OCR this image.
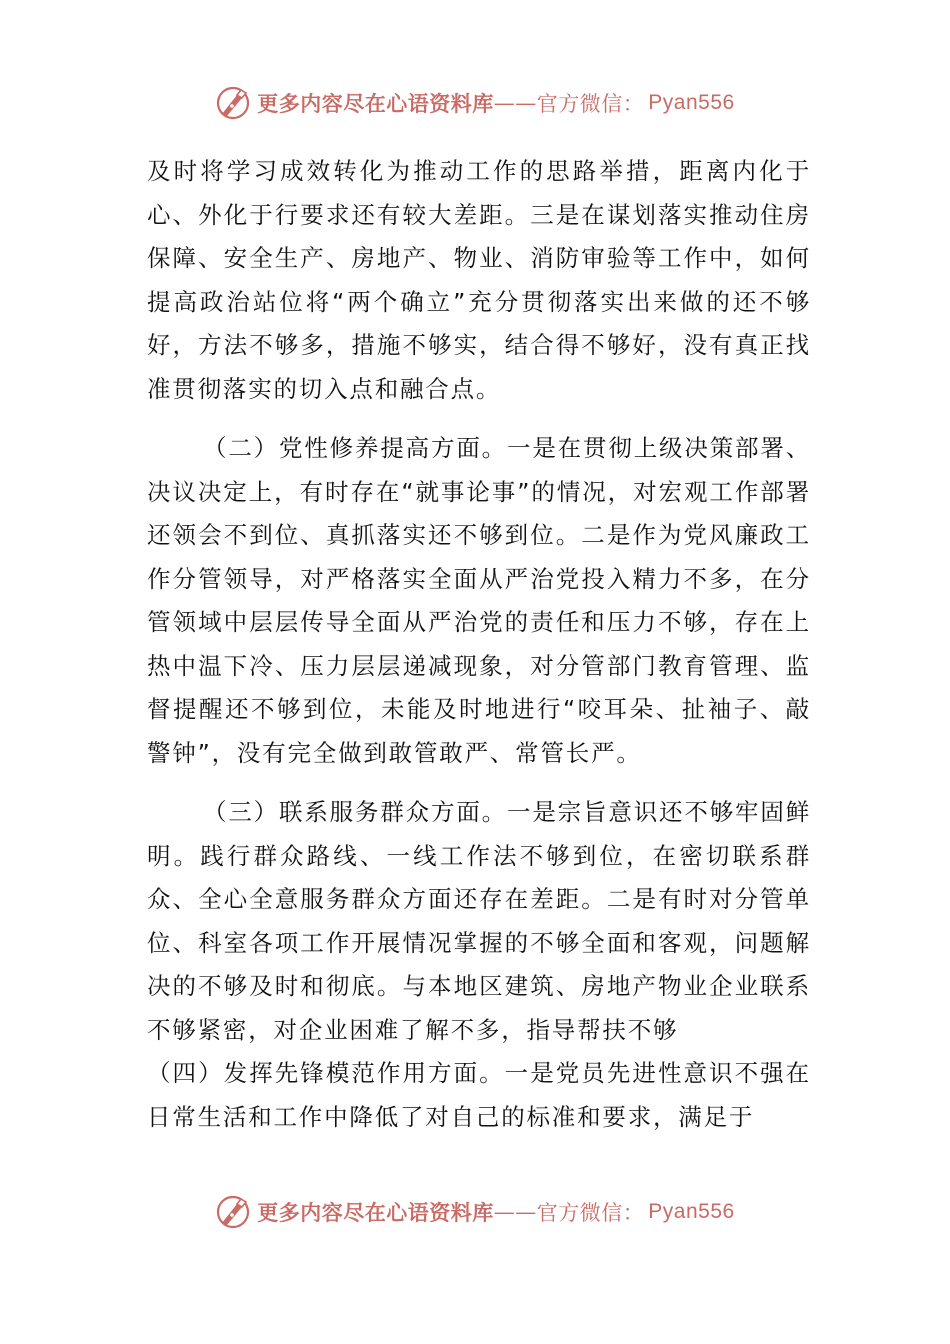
更多内容尽在心语资料库 —— 官方微信： Pyan556

及时将学习成效转化为推动工作的思路举措，距离内化于心、外化于行要求还有较大差距。三是在谋划落实推动住房保障、安全生产、房地产、物业、消防审验等工作中，如何提高政治站位将“两个确立”充分贯彻落实出来做的还不够好，方法不够多，措施不够实，结合得不够好，没有真正找准贯彻落实的切入点和融合点。

（二）党性修养提高方面。一是在贯彻上级决策部署、决议决定上，有时存在“就事论事”的情况，对宏观工作部署还领会不到位、真抓落实还不够到位。二是作为党风廉政工作分管领导，对严格落实全面从严治党投入精力不多，在分管领域中层层传导全面从严治党的责任和压力不够，存在上热中温下冷、压力层层递减现象，对分管部门教育管理、监督提醒还不够到位，未能及时地进行“咬耳朵、扯袖子、敲警钟”，没有完全做到敢管敢严、常管长严。

（三）联系服务群众方面。一是宗旨意识还不够牢固鲜明。践行群众路线、一线工作法不够到位，在密切联系群众、全心全意服务群众方面还存在差距。二是有时对分管单位、科室各项工作开展情况掌握的不够全面和客观，问题解决的不够及时和彻底。与本地区建筑、房地产物业企业联系不够紧密，对企业困难了解不多，指导帮扶不够

（四）发挥先锋模范作用方面。一是党员先进性意识不强在日常生活和工作中降低了对自己的标准和要求，满足于

更多内容尽在心语资料库 —— 官方微信： Pyan556
